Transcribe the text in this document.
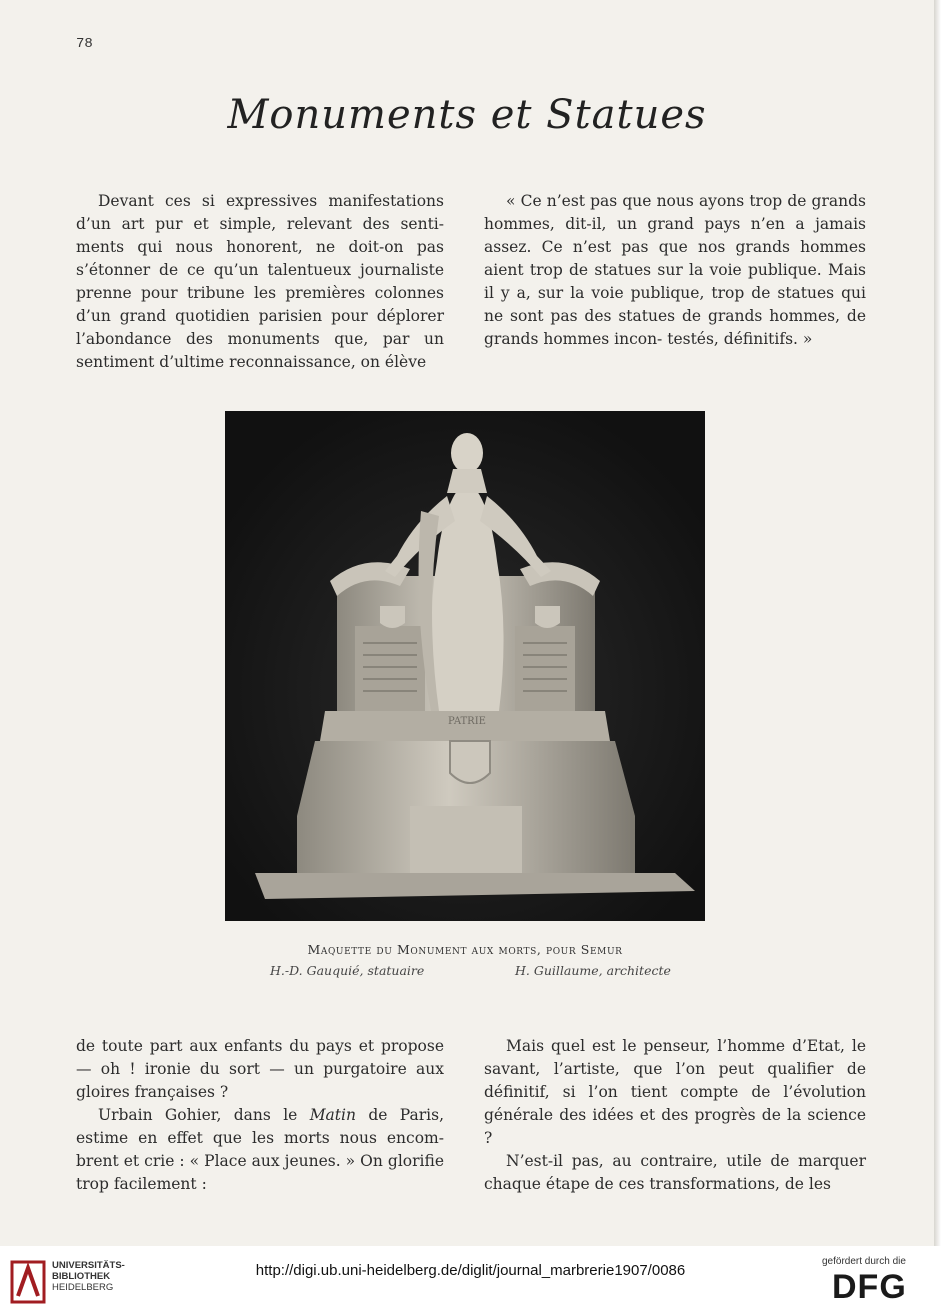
78
Monuments et Statues

Devant ces si expressives manifestations d’un art pur et simple, relevant des senti- ments qui nous honorent, ne doit-on pas s’étonner de ce qu’un talentueux journaliste prenne pour tribune les premières colonnes d’un grand quotidien parisien pour déplorer l’abondance des monuments que, par un sentiment d’ultime reconnaissance, on élève

« Ce n’est pas que nous ayons trop de grands hommes, dit-il, un grand pays n’en a jamais assez. Ce n’est pas que nos grands hommes aient trop de statues sur la voie publique. Mais il y a, sur la voie publique, trop de statues qui ne sont pas des statues de grands hommes, de grands hommes incon- testés, définitifs. »

PATRIE
Maquette du Monument aux morts, pour Semur
H.-D. Gauquié, statuaire	H. Guillaume, architecte

de toute part aux enfants du pays et propose — oh ! ironie du sort — un purgatoire aux gloires françaises ?

Urbain Gohier, dans le Matin de Paris, estime en effet que les morts nous encom- brent et crie : « Place aux jeunes. » On glorifie trop facilement :

Mais quel est le penseur, l’homme d’Etat, le savant, l’artiste, que l’on peut qualifier de définitif, si l’on tient compte de l’évolution générale des idées et des progrès de la science ?

N’est-il pas, au contraire, utile de marquer chaque étape de ces transformations, de les

UNIVERSITÄTS-
BIBLIOTHEK
HEIDELBERG
http://digi.ub.uni-heidelberg.de/diglit/journal_marbrerie1907/0086
gefördert durch die
DFG
